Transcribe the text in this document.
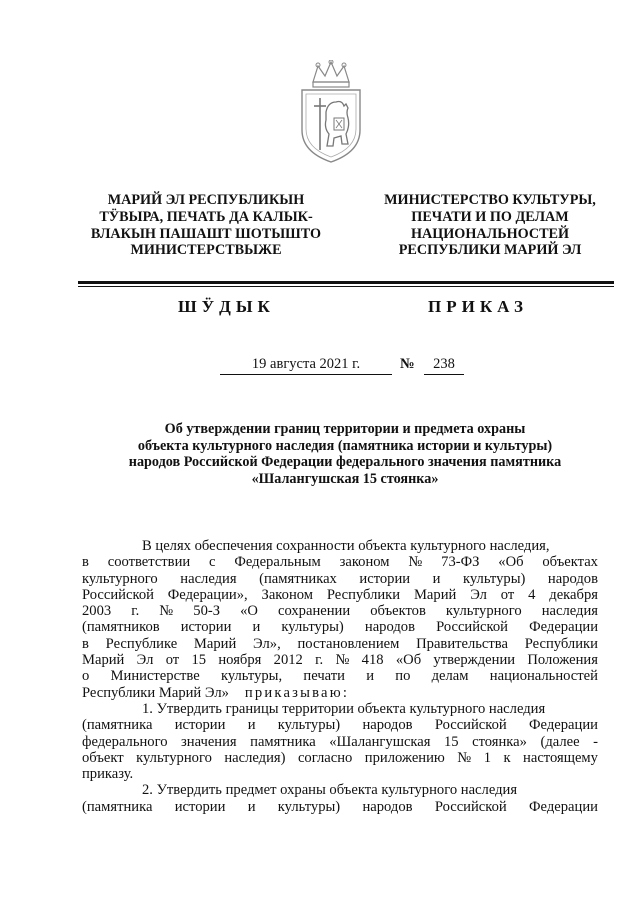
МАРИЙ ЭЛ РЕСПУБЛИКЫН
ТӰВЫРА, ПЕЧАТЬ ДА КАЛЫК-
ВЛАКЫН ПАШАШТ ШОТЫШТО
МИНИСТЕРСТВЫЖЕ
МИНИСТЕРСТВО КУЛЬТУРЫ,
ПЕЧАТИ И ПО ДЕЛАМ
НАЦИОНАЛЬНОСТЕЙ
РЕСПУБЛИКИ МАРИЙ ЭЛ
ШӰДЫК	ПРИКАЗ
19 августа 2021 г.	№	238
Об утверждении границ территории и предмета охраны
объекта культурного наследия (памятника истории и культуры)
народов Российской Федерации федерального значения памятника
«Шалангушская 15 стоянка»
В целях обеспечения сохранности объекта культурного наследия,
в соответствии с Федеральным законом № 73-ФЗ «Об объектах
культурного наследия (памятниках истории и культуры) народов
Российской Федерации», Законом Республики Марий Эл от 4 декабря
2003 г. № 50-З «О сохранении объектов культурного наследия
(памятников истории и культуры) народов Российской Федерации
в Республике Марий Эл», постановлением Правительства Республики
Марий Эл от 15 ноября 2012 г. № 418 «Об утверждении Положения
о Министерстве культуры, печати и по делам национальностей
Республики Марий Эл» приказываю:
1. Утвердить границы территории объекта культурного наследия
(памятника истории и культуры) народов Российской Федерации
федерального значения памятника «Шалангушская 15 стоянка» (далее -
объект культурного наследия) согласно приложению № 1 к настоящему
приказу.
2. Утвердить предмет охраны объекта культурного наследия
(памятника истории и культуры) народов Российской Федерации
